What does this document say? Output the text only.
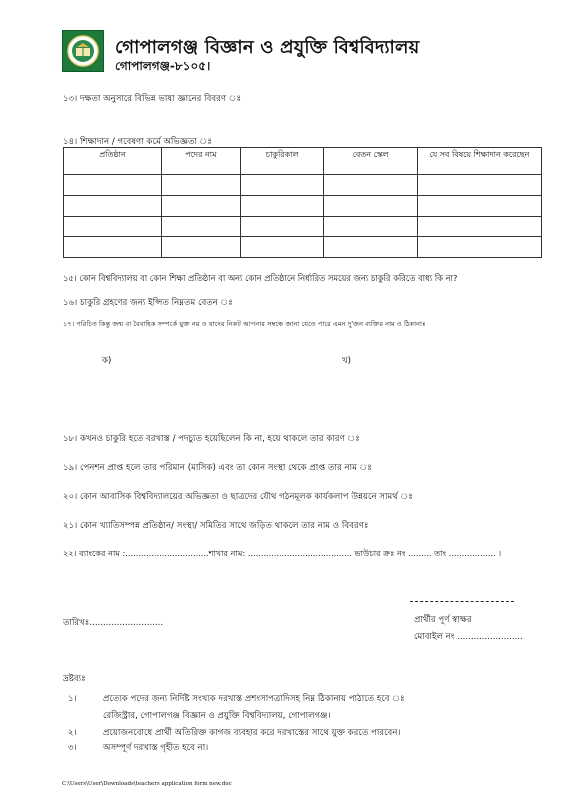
গোপালগঞ্জ বিজ্ঞান ও প্রযুক্তি বিশ্ববিদ্যালয়
গোপালগঞ্জ-৮১০৫।
১৩। দক্ষতা অনুসারে বিভিন্ন ভাষা জ্ঞানের বিবরণ ঃ
১৪। শিক্ষাদান / গবেষণা কর্মে অভিজ্ঞতা ঃ
প্রতিষ্ঠান	পদের নাম	চাকুরিকাল	বেতন স্কেল	যে সব বিষয়ে শিক্ষাদান করেছেন

১৫। কোন বিশ্ববিদ্যালয় বা কোন শিক্ষা প্রতিষ্ঠান বা অন্য কোন প্রতিষ্ঠানে নির্ধারিত সময়ের জন্য চাকুরি করিতে বাধ্য কি না?
১৬। চাকুরি গ্রহণের জন্য ইপ্সিত নিম্নতম বেতন ঃ
১৭। পরিচিত কিন্তু জন্ম বা বৈবাহিক সম্পর্কে যুক্ত নয় ও যাদের নিকট আপনার সম্বন্ধে জানা যেতে পারে এমন দু'জন ব্যক্তির নাম ও ঠিকানাঃ
ক)	খ)
১৮। কখনও চাকুরি হতে বরখাস্ত / পদচ্যুত হয়েছিলেন কি না, হয়ে থাকলে তার কারণ ঃ
১৯। পেনশন প্রাপ্ত হলে তার পরিমান (মাসিক) এবং তা কোন সংস্থা থেকে প্রাপ্ত তার নাম ঃ
২০। কোন আবাসিক বিশ্ববিদ্যালয়ের অভিজ্ঞতা ও ছাত্রদের যৌথ গঠনমূলক কার্যকলাপ উন্নয়নে সামর্থ ঃ
২১। কোন খ্যাতিসম্পন্ন প্রতিষ্ঠান/ সংস্থা/ সমিতির সাথে জড়িত থাকলে তার নাম ও বিবরণঃ
২২। ব্যাংকের নাম :................................শাখার নাম: ........................................ ভাউচার ক্রঃ নং ......... তাং .................. ।
তারিখঃ...........................	প্রার্থীর পূর্ণ স্বাক্ষর
মোবাইল নং ........................
দ্রষ্টব্যঃ
১।	প্রত্যেক পদের জন্য নির্দিষ্ট সংখ্যক দরখাস্ত প্রশংসাপত্রাদিসহ নিম্ন ঠিকানায় পাঠাতে হবে ঃ
রেজিস্ট্রার, গোপালগঞ্জ বিজ্ঞান ও প্রযুক্তি বিশ্ববিদ্যালয়, গোপালগঞ্জ।
২।	প্রয়োজনবোধে প্রার্থী অতিরিক্ত কাগজ ব্যবহার করে দরখাস্তের সাথে যুক্ত করতে পারবেন।
৩।	অসম্পূর্ণ দরখাস্ত গৃহীত হবে না।
C:\Users\User\Downloads\teachers application form new.doc
